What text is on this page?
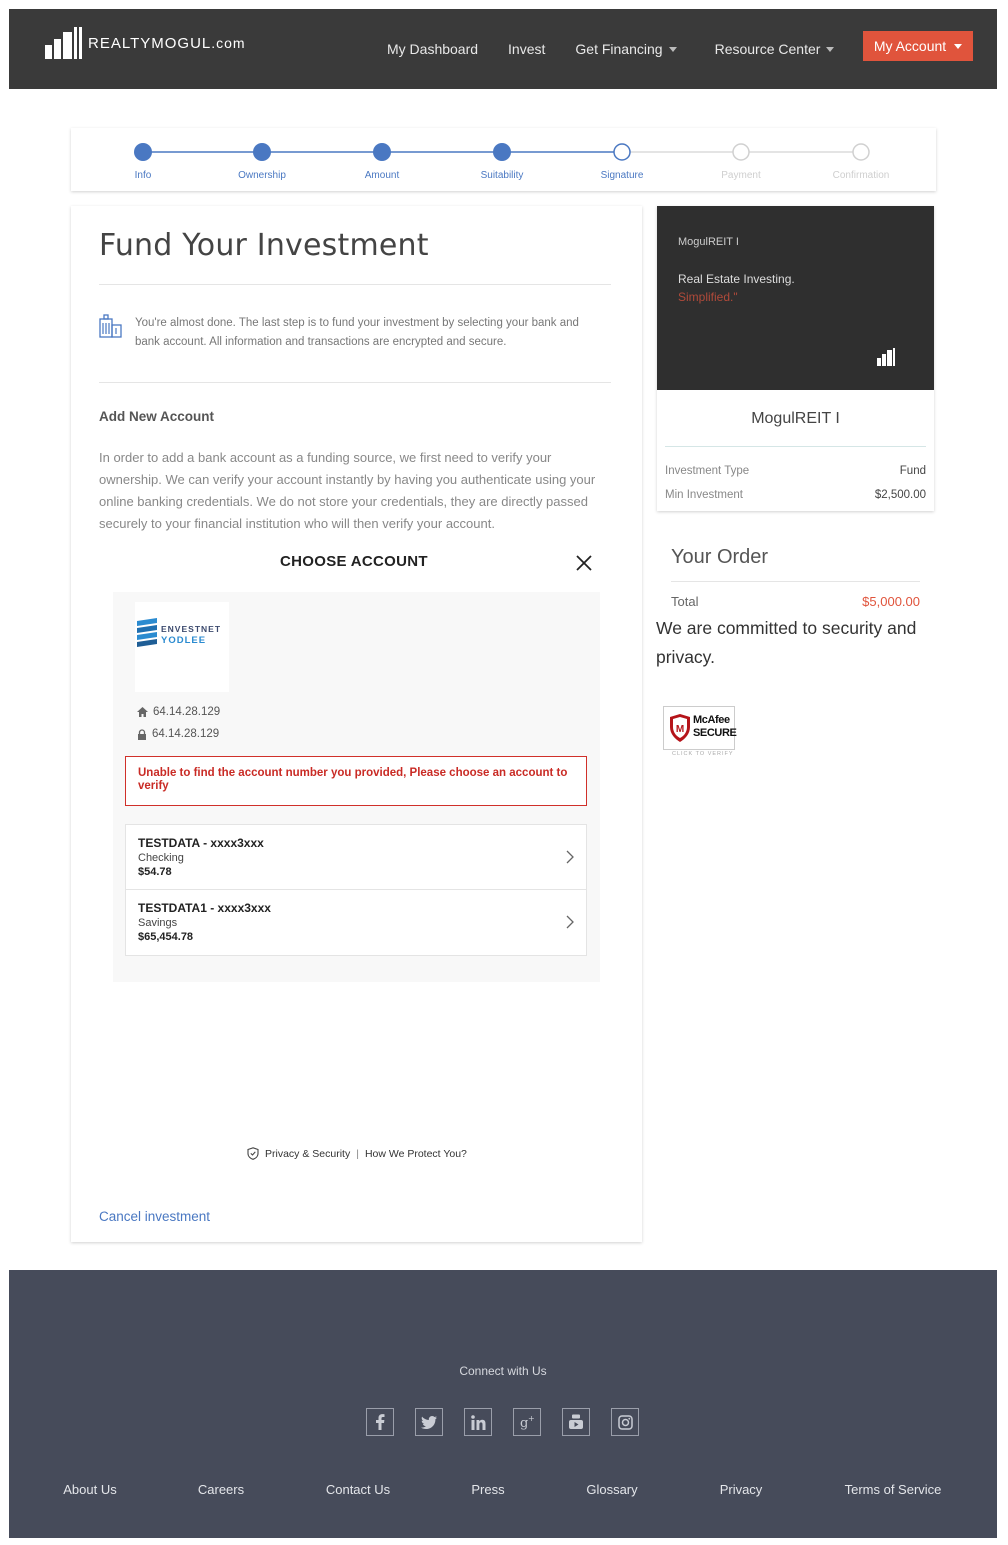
REALTYMOGUL.com	My Dashboard Invest Get Financing	Resource Center	My Account
Info	Ownership	Amount	Suitability	Signature	Payment	Confirmation
Fund Your Investment

You're almost done. The last step is to fund your investment by selecting your bank and bank account. All information and transactions are encrypted and secure.

Add New Account

In order to add a bank account as a funding source, we first need to verify your ownership. We can verify your account instantly by having you authenticate using your online banking credentials. We do not store your credentials, they are directly passed securely to your financial institution who will then verify your account.

CHOOSE ACCOUNT
ENVESTNET
YODLEE
64.14.28.129
64.14.28.129
Unable to find the account number you provided, Please choose an account to verify
TESTDATA - xxxx3xxx
Checking
$54.78
TESTDATA1 - xxxx3xxx
Savings
$65,454.78
Privacy & Security | How We Protect You?
Cancel investment
MogulREIT I
Real Estate Investing.
Simplified."
MogulREIT I
Investment Type	Fund
Min Investment	$2,500.00
Your Order
Total	$5,000.00

We are committed to security and privacy.

M
McAfee
SECURE
CLICK TO VERIFY
Connect with Us
g +
About Us	Careers	Contact Us	Press	Glossary	Privacy	Terms of Service
